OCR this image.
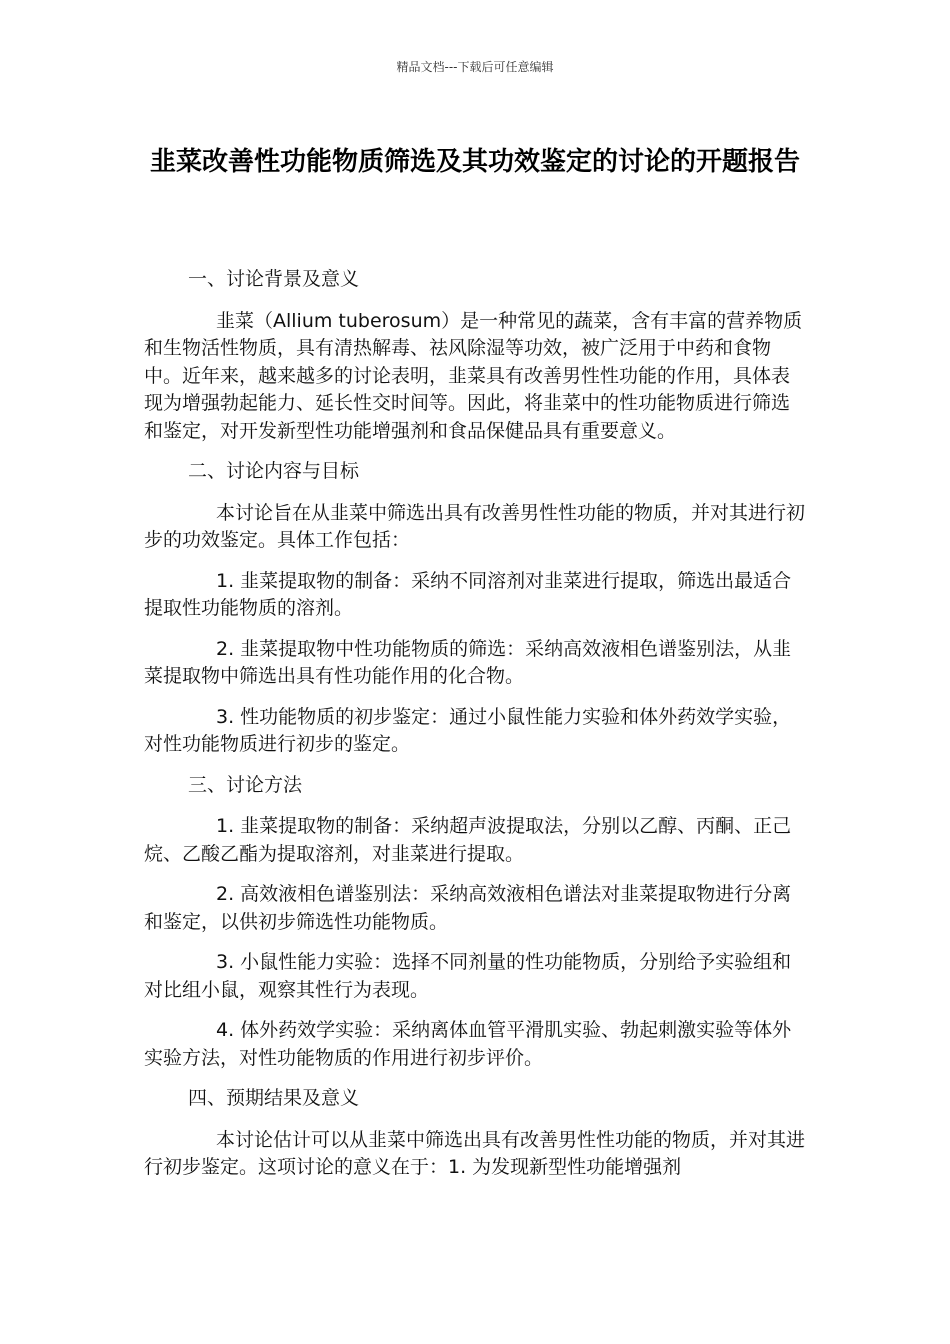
精品文档---下载后可任意编辑
韭菜改善性功能物质筛选及其功效鉴定的讨论的开题报告

一、讨论背景及意义

韭菜（Allium tuberosum）是一种常见的蔬菜，含有丰富的营养物质和生物活性物质，具有清热解毒、祛风除湿等功效，被广泛用于中药和食物中。近年来，越来越多的讨论表明，韭菜具有改善男性性功能的作用，具体表现为增强勃起能力、延长性交时间等。因此，将韭菜中的性功能物质进行筛选和鉴定，对开发新型性功能增强剂和食品保健品具有重要意义。

二、讨论内容与目标

本讨论旨在从韭菜中筛选出具有改善男性性功能的物质，并对其进行初步的功效鉴定。具体工作包括：

1. 韭菜提取物的制备：采纳不同溶剂对韭菜进行提取，筛选出最适合提取性功能物质的溶剂。

2. 韭菜提取物中性功能物质的筛选：采纳高效液相色谱鉴别法，从韭菜提取物中筛选出具有性功能作用的化合物。

3. 性功能物质的初步鉴定：通过小鼠性能力实验和体外药效学实验，对性功能物质进行初步的鉴定。

三、讨论方法

1. 韭菜提取物的制备：采纳超声波提取法，分别以乙醇、丙酮、正己烷、乙酸乙酯为提取溶剂，对韭菜进行提取。

2. 高效液相色谱鉴别法：采纳高效液相色谱法对韭菜提取物进行分离和鉴定，以供初步筛选性功能物质。

3. 小鼠性能力实验：选择不同剂量的性功能物质，分别给予实验组和对比组小鼠，观察其性行为表现。

4. 体外药效学实验：采纳离体血管平滑肌实验、勃起刺激实验等体外实验方法，对性功能物质的作用进行初步评价。

四、预期结果及意义

本讨论估计可以从韭菜中筛选出具有改善男性性功能的物质，并对其进行初步鉴定。这项讨论的意义在于：1. 为发现新型性功能增强剂
